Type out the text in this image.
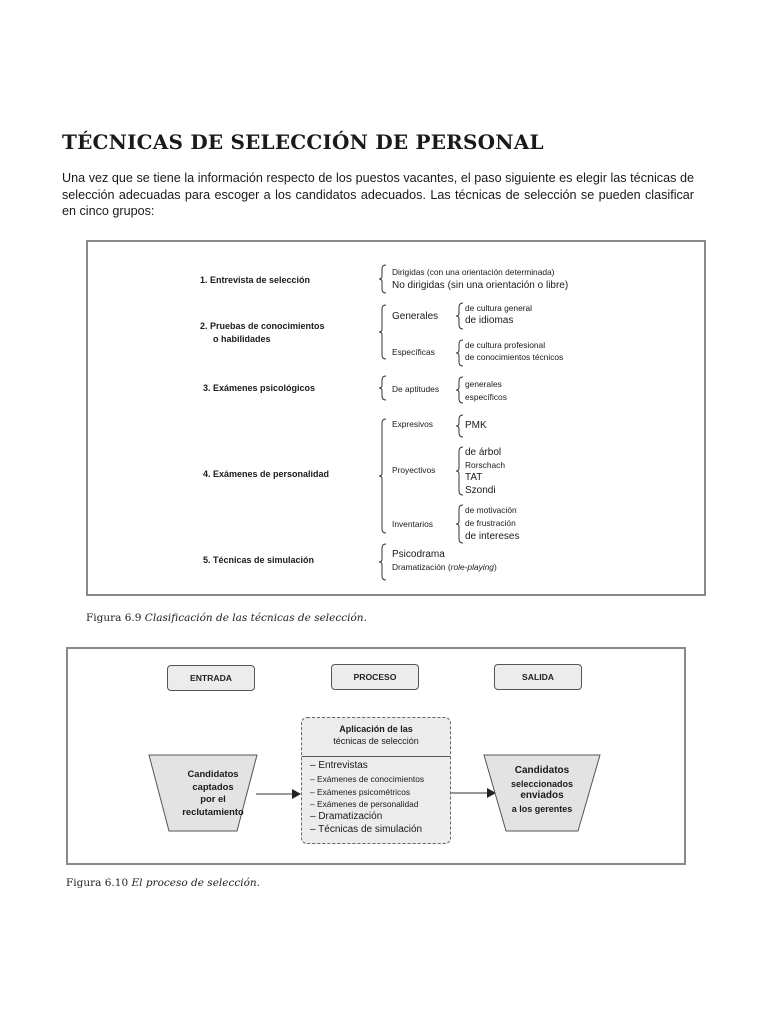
TÉCNICAS DE SELECCIÓN DE PERSONAL
Una vez que se tiene la información respecto de los puestos vacantes, el paso siguiente es elegir las técnicas de selección adecuadas para escoger a los candidatos adecuados. Las técnicas de selección se pueden clasificar en cinco grupos:
1. Entrevista de selección
Dirigidas (con una orientación determinada)
No dirigidas (sin una orientación o libre)
2. Pruebas de conocimientos
o habilidades
Generales
de cultura general
de idiomas
Específicas
de cultura profesional
de conocimientos técnicos
3. Exámenes psicológicos	De aptitudes	generales
específicos
4. Exámenes de personalidad
Expresivos	PMK
Proyectivos
de árbol
Rorschach
TAT
Szondi
Inventarios
de motivación
de frustración
de intereses
5. Técnicas de simulación	Psicodrama
Dramatización (role-playing)
Figura 6.9 Clasificación de las técnicas de selección.
ENTRADA	PROCESO	SALIDA
Candidatos
captados
por el
reclutamiento
Aplicación de las
técnicas de selección
– Entrevistas
– Exámenes de conocimientos
– Exámenes psicométricos
– Exámenes de personalidad
– Dramatización
– Técnicas de simulación
Candidatos
seleccionados
enviados
a los gerentes
Figura 6.10 El proceso de selección.
